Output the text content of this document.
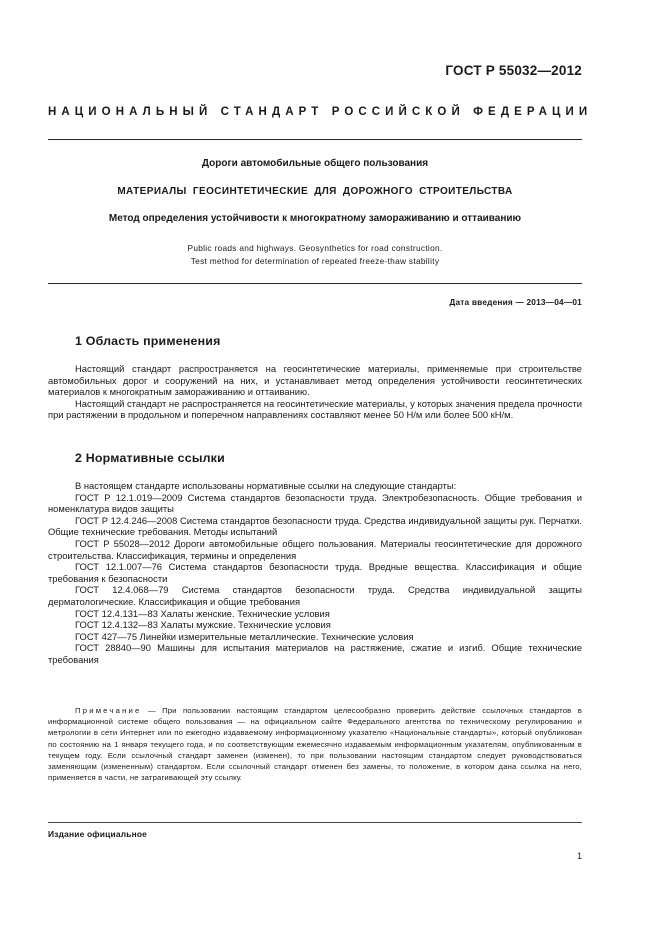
ГОСТ Р 55032—2012
НАЦИОНАЛЬНЫЙ СТАНДАРТ РОССИЙСКОЙ ФЕДЕРАЦИИ
Дороги автомобильные общего пользования
МАТЕРИАЛЫ ГЕОСИНТЕТИЧЕСКИЕ ДЛЯ ДОРОЖНОГО СТРОИТЕЛЬСТВА
Метод определения устойчивости к многократному замораживанию и оттаиванию
Public roads and highways. Geosynthetics for road construction.
Test method for determination of repeated freeze-thaw stability
Дата введения — 2013—04—01
1 Область применения

Настоящий стандарт распространяется на геосинтетические материалы, применяемые при строительстве автомобильных дорог и сооружений на них, и устанавливает метод определения устойчивости геосинтетических материалов к многократным замораживанию и оттаиванию.

Настоящий стандарт не распространяется на геосинтетические материалы, у которых значения предела прочности при растяжении в продольном и поперечном направлениях составляют менее 50 Н/м или более 500 кН/м.

2 Нормативные ссылки

В настоящем стандарте использованы нормативные ссылки на следующие стандарты:

ГОСТ Р 12.1.019—2009 Система стандартов безопасности труда. Электробезопасность. Общие требования и номенклатура видов защиты

ГОСТ Р 12.4.246—2008 Система стандартов безопасности труда. Средства индивидуальной защиты рук. Перчатки. Общие технические требования. Методы испытаний

ГОСТ Р 55028—2012 Дороги автомобильные общего пользования. Материалы геосинтетические для дорожного строительства. Классификация, термины и определения

ГОСТ 12.1.007—76 Система стандартов безопасности труда. Вредные вещества. Классификация и общие требования к безопасности

ГОСТ 12.4.068—79 Система стандартов безопасности труда. Средства индивидуальной защиты дерматологические. Классификация и общие требования

ГОСТ 12.4.131—83 Халаты женские. Технические условия

ГОСТ 12.4.132—83 Халаты мужские. Технические условия

ГОСТ 427—75 Линейки измерительные металлические. Технические условия

ГОСТ 28840—90 Машины для испытания материалов на растяжение, сжатие и изгиб. Общие технические требования

Примечание — При пользовании настоящим стандартом целесообразно проверить действие ссылочных стандартов в информационной системе общего пользования — на официальном сайте Федерального агентства по техническому регулированию и метрологии в сети Интернет или по ежегодно издаваемому информационному указателю «Национальные стандарты», который опубликован по состоянию на 1 января текущего года, и по соответствующим ежемесячно издаваемым информационным указателям, опубликованным в текущем году. Если ссылочный стандарт заменен (изменен), то при пользовании настоящим стандартом следует руководствоваться заменяющим (измененным) стандартом. Если ссылочный стандарт отменен без замены, то положение, в котором дана ссылка на него, применяется в части, не затрагивающей эту ссылку.

Издание официальное
1
